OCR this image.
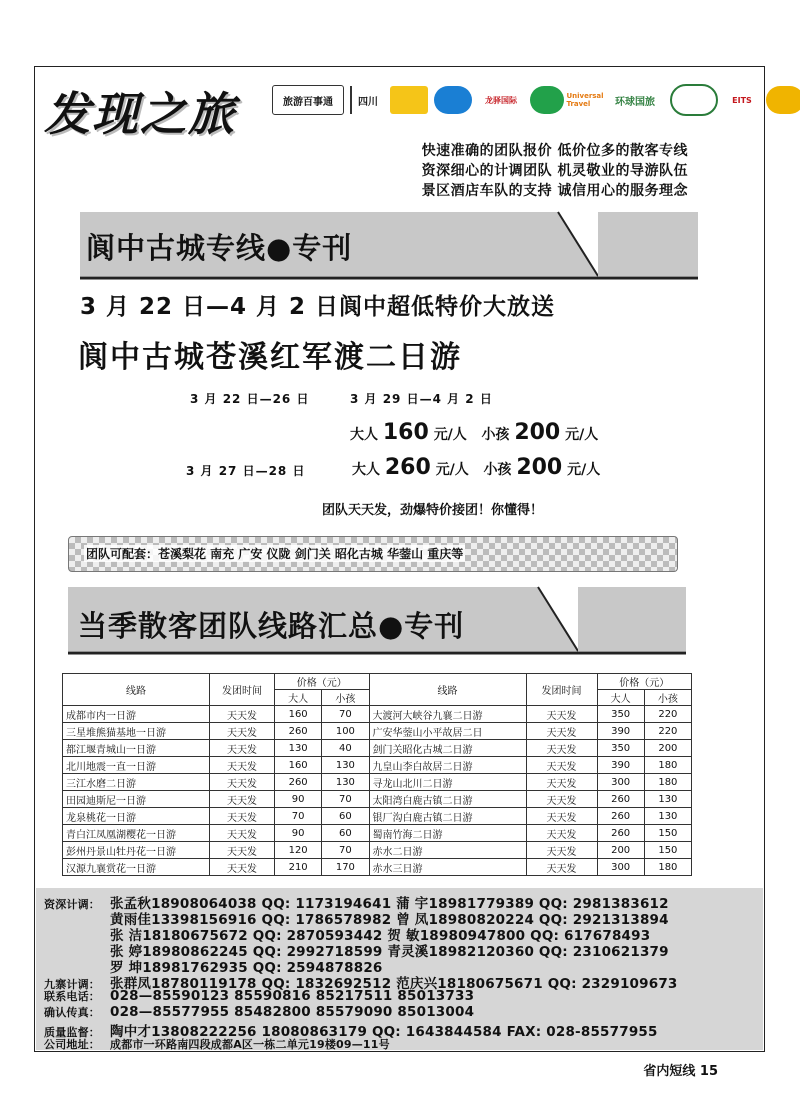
发现之旅	旅游百事通	四川	龙驿国际	Universal Travel	环球国旅	EITS
快速准确的团队报价 低价位多的散客专线
资深细心的计调团队 机灵敬业的导游队伍
景区酒店车队的支持 诚信用心的服务理念
阆中古城专线●专刊
3 月 22 日—4 月 2 日阆中超低特价大放送
阆中古城苍溪红军渡二日游
3 月 22 日—26 日	3 月 29 日—4 月 2 日
大人 160 元/人 小孩 200 元/人
3 月 27 日—28 日	大人 260 元/人 小孩 200 元/人
团队天天发，劲爆特价接团！你懂得！
团队可配套：苍溪梨花 南充 广安 仪陇 剑门关 昭化古城 华蓥山 重庆等
当季散客团队线路汇总●专刊
线路	发团时间	价格（元）		线路	发团时间	价格（元）	
		大人	小孩			大人	小孩
成都市内一日游	天天发	160	70	大渡河大峡谷九襄二日游	天天发	350	220
三星堆熊猫基地一日游	天天发	260	100	广安华蓥山小平故居二日	天天发	390	220
都江堰青城山一日游	天天发	130	40	剑门关昭化古城二日游	天天发	350	200
北川地震一直一日游	天天发	160	130	九皇山李白故居二日游	天天发	390	180
三江水磨二日游	天天发	260	130	寻龙山北川二日游	天天发	300	180
田园迪斯尼一日游	天天发	90	70	太阳湾白鹿古镇二日游	天天发	260	130
龙泉桃花一日游	天天发	70	60	银厂沟白鹿古镇二日游	天天发	260	130
青白江凤凰湖樱花一日游	天天发	90	60	蜀南竹海二日游	天天发	260	150
彭州丹景山牡丹花一日游	天天发	120	70	赤水二日游	天天发	200	150
汉源九襄赏花一日游	天天发	210	170	赤水三日游	天天发	300	180
资深计调： 张孟秋18908064038 QQ: 1173194641 蒲 宇18981779389 QQ: 2981383612
黄雨佳13398156916 QQ: 1786578982 曾 凤18980820224 QQ: 2921313894
张 洁18180675672 QQ: 2870593442 贺 敏18980947800 QQ: 617678493
张 婷18980862245 QQ: 2992718599 青灵溪18982120360 QQ: 2310621379
罗 坤18981762935 QQ: 2594878826
九寨计调： 张群凤18780119178 QQ: 1832692512 范庆兴18180675671 QQ: 2329109673
联系电话： 028—85590123 85590816 85217511 85013733
确认传真： 028—85577955 85482800 85579090 85013004
质量监督： 陶中才13808222256 18080863179 QQ: 1643844584 FAX: 028-85577955
公司地址： 成都市一环路南四段成都A区一栋二单元19楼09—11号
省内短线 15
